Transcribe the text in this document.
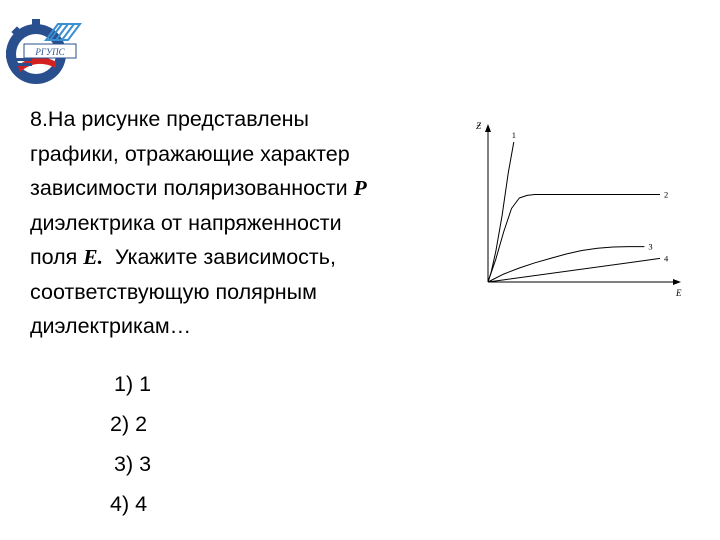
РГУПС
8.На рисунке представлены
графики, отражающие характер
зависимости поляризованности P
диэлектрика от напряженности
поля E.  Укажите зависимость,
соответствующую полярным
диэлектрикам…
1) 1
2) 2
3) 3
4) 4
E
Ƶ
1
2
3
4
